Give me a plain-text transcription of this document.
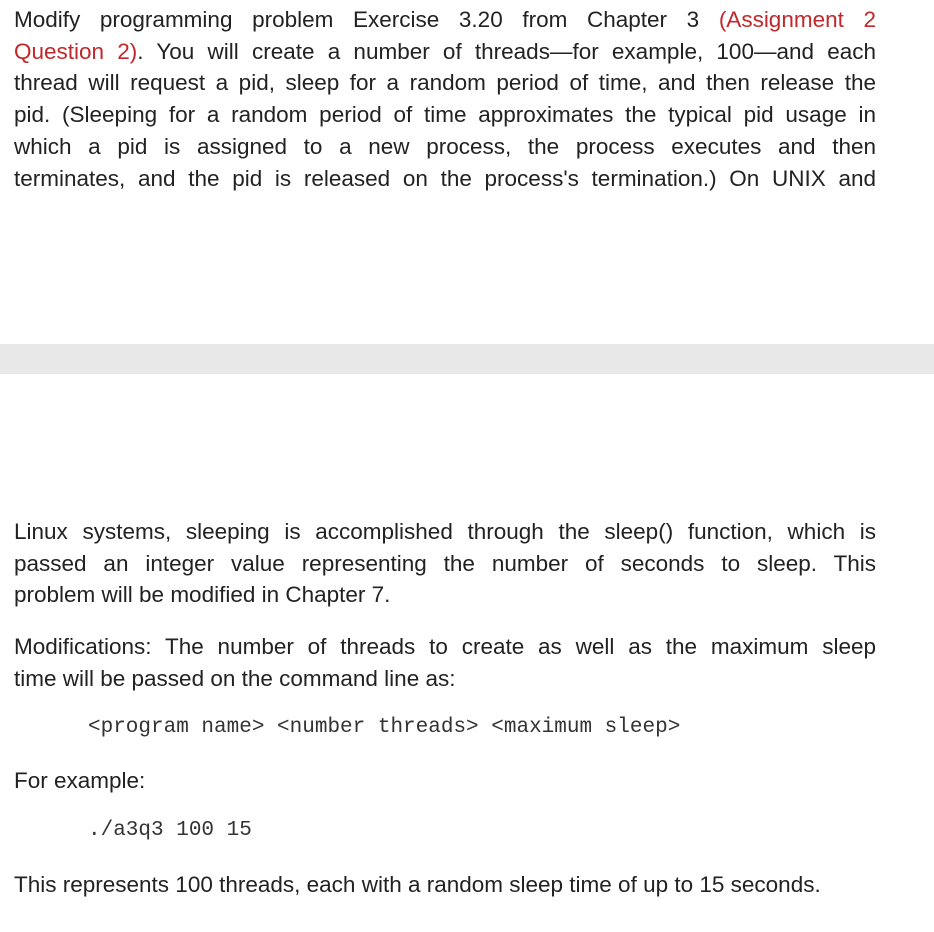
Modify programming problem Exercise 3.20 from Chapter 3 (Assignment 2
Question 2). You will create a number of threads—for example, 100—and each
thread will request a pid, sleep for a random period of time, and then release the
pid. (Sleeping for a random period of time approximates the typical pid usage in
which a pid is assigned to a new process, the process executes and then
terminates, and the pid is released on the process's termination.) On UNIX and

Linux systems, sleeping is accomplished through the sleep() function, which is
passed an integer value representing the number of seconds to sleep. This
problem will be modified in Chapter 7.

Modifications: The number of threads to create as well as the maximum sleep
time will be passed on the command line as:

<program name> <number threads> <maximum sleep>

For example:

./a3q3 100 15

This represents 100 threads, each with a random sleep time of up to 15 seconds.
